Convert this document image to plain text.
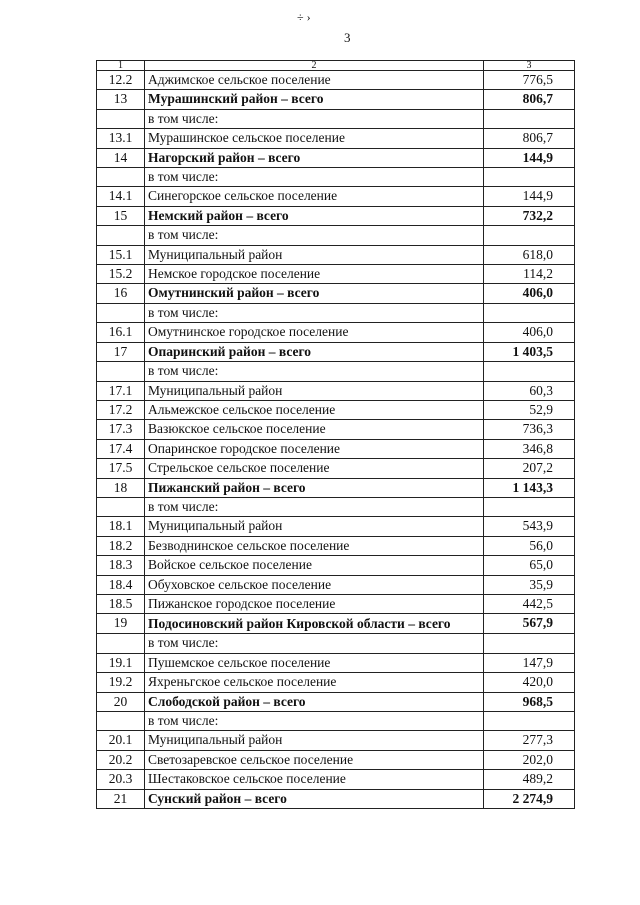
÷ ›
3
1	2	3
12.2	Аджимское сельское поселение	776,5
13	Мурашинский район – всего	806,7
	в том числе:	
13.1	Мурашинское сельское поселение	806,7
14	Нагорский район – всего	144,9
	в том числе:	
14.1	Синегорское сельское поселение	144,9
15	Немский район – всего	732,2
	в том числе:	
15.1	Муниципальный район	618,0
15.2	Немское городское поселение	114,2
16	Омутнинский район – всего	406,0
	в том числе:	
16.1	Омутнинское городское поселение	406,0
17	Опаринский район – всего	1 403,5
	в том числе:	
17.1	Муниципальный район	60,3
17.2	Альмежское сельское поселение	52,9
17.3	Вазюкское сельское поселение	736,3
17.4	Опаринское городское поселение	346,8
17.5	Стрельское сельское поселение	207,2
18	Пижанский район – всего	1 143,3
	в том числе:	
18.1	Муниципальный район	543,9
18.2	Безводнинское сельское поселение	56,0
18.3	Войское сельское поселение	65,0
18.4	Обуховское сельское поселение	35,9
18.5	Пижанское городское поселение	442,5
19	Подосиновский район Кировской области – всего	567,9
	в том числе:	
19.1	Пушемское сельское поселение	147,9
19.2	Яхреньгское сельское поселение	420,0
20	Слободской район – всего	968,5
	в том числе:	
20.1	Муниципальный район	277,3
20.2	Светозаревское сельское поселение	202,0
20.3	Шестаковское сельское поселение	489,2
21	Сунский район – всего	2 274,9
